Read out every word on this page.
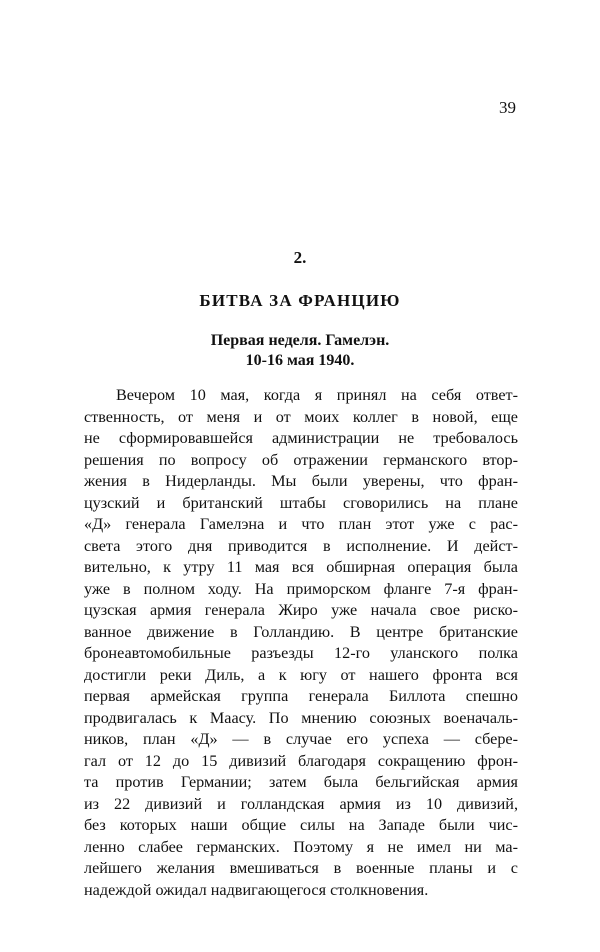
39
2.
БИТВА ЗА ФРАНЦИЮ
Первая неделя. Гамелэн.
10-16 мая 1940.
Вечером 10 мая, когда я принял на себя ответ-
ственность, от меня и от моих коллег в новой, еще
не сформировавшейся администрации не требовалось
решения по вопросу об отражении германского втор-
жения в Нидерланды. Мы были уверены, что фран-
цузский и британский штабы сговорились на плане
«Д» генерала Гамелэна и что план этот уже с рас-
света этого дня приводится в исполнение. И дейст-
вительно, к утру 11 мая вся обширная операция была
уже в полном ходу. На приморском фланге 7-я фран-
цузская армия генерала Жиро уже начала свое риско-
ванное движение в Голландию. В центре британские
бронеавтомобильные разъезды 12-го уланского полка
достигли реки Диль, а к югу от нашего фронта вся
первая армейская группа генерала Биллота спешно
продвигалась к Маасу. По мнению союзных военачаль-
ников, план «Д» — в случае его успеха — сбере-
гал от 12 до 15 дивизий благодаря сокращению фрон-
та против Германии; затем была бельгийская армия
из 22 дивизий и голландская армия из 10 дивизий,
без которых наши общие силы на Западе были чис-
ленно слабее германских. Поэтому я не имел ни ма-
лейшего желания вмешиваться в военные планы и с
надеждой ожидал надвигающегося столкновения.
